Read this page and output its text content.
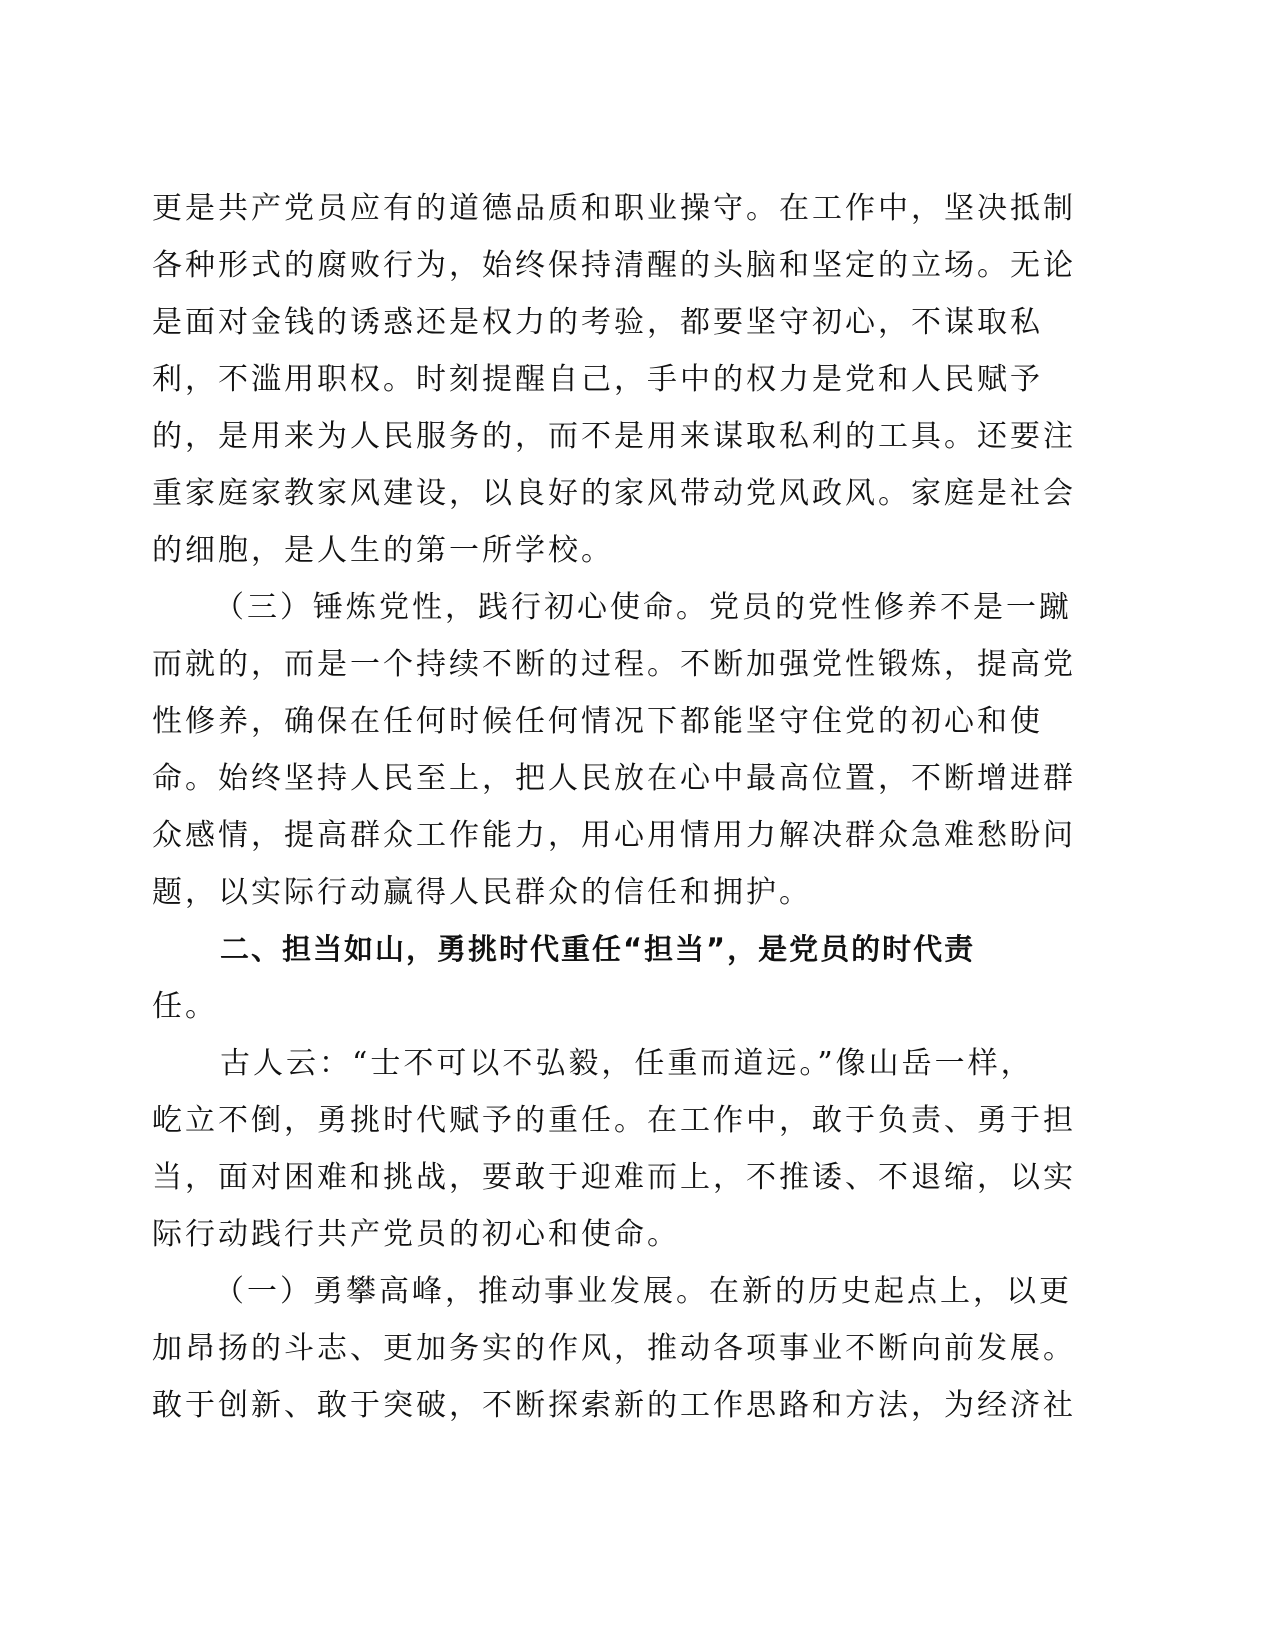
更是共产党员应有的道德品质和职业操守。在工作中，坚决抵制
各种形式的腐败行为，始终保持清醒的头脑和坚定的立场。无论
是面对金钱的诱惑还是权力的考验，都要坚守初心，不谋取私
利，不滥用职权。时刻提醒自己，手中的权力是党和人民赋予
的，是用来为人民服务的，而不是用来谋取私利的工具。还要注
重家庭家教家风建设，以良好的家风带动党风政风。家庭是社会
的细胞，是人生的第一所学校。
（三）锤炼党性，践行初心使命。党员的党性修养不是一蹴
而就的，而是一个持续不断的过程。不断加强党性锻炼，提高党
性修养，确保在任何时候任何情况下都能坚守住党的初心和使
命。始终坚持人民至上，把人民放在心中最高位置，不断增进群
众感情，提高群众工作能力，用心用情用力解决群众急难愁盼问
题，以实际行动赢得人民群众的信任和拥护。
二、担当如山，勇挑时代重任“担当”，是党员的时代责
任。
古人云：“士不可以不弘毅，任重而道远。”像山岳一样，
屹立不倒，勇挑时代赋予的重任。在工作中，敢于负责、勇于担
当，面对困难和挑战，要敢于迎难而上，不推诿、不退缩，以实
际行动践行共产党员的初心和使命。
（一）勇攀高峰，推动事业发展。在新的历史起点上，以更
加昂扬的斗志、更加务实的作风，推动各项事业不断向前发展。
敢于创新、敢于突破，不断探索新的工作思路和方法，为经济社
